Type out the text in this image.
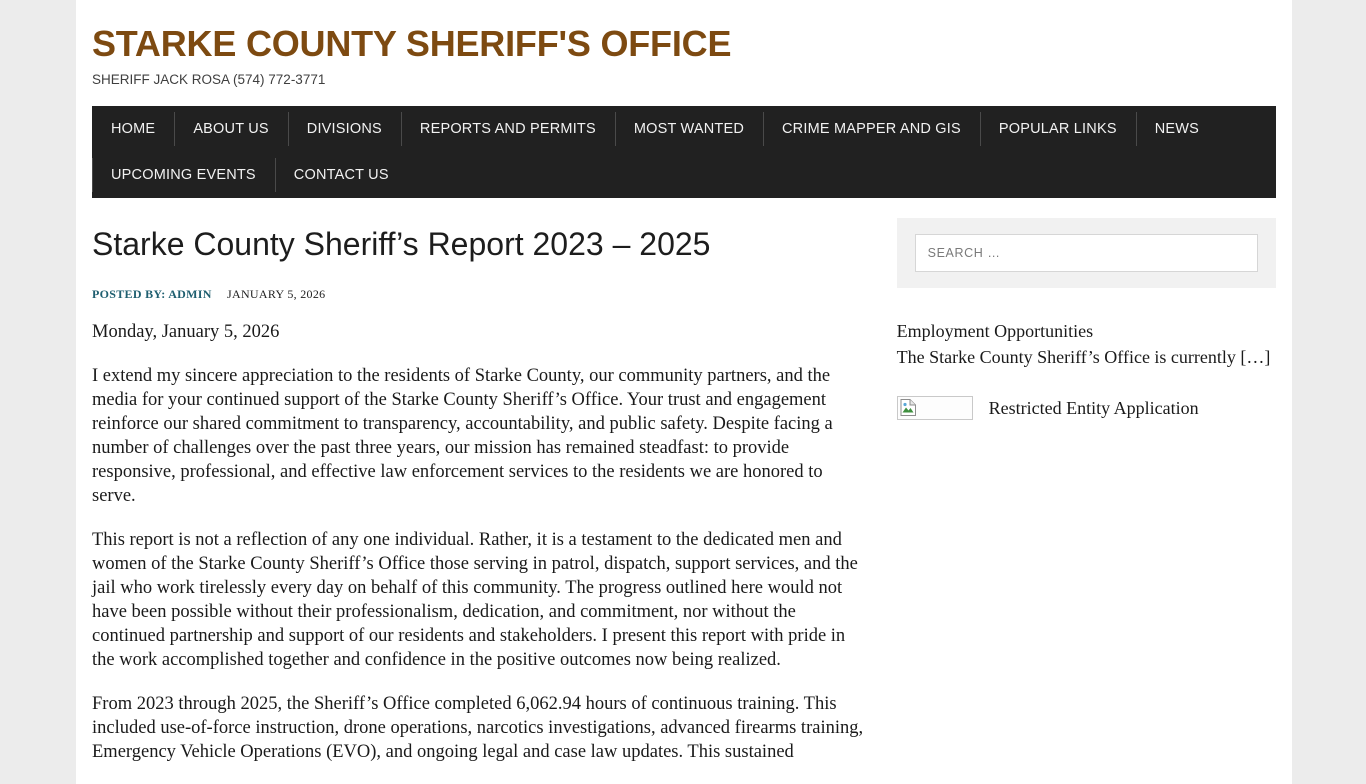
STARKE COUNTY SHERIFF'S OFFICE

SHERIFF JACK ROSA (574) 772-3771

HOME	ABOUT US	DIVISIONS	REPORTS AND PERMITS	MOST WANTED	CRIME MAPPER AND GIS	POPULAR LINKS	NEWS
UPCOMING EVENTS	CONTACT US
Starke County Sheriff’s Report 2023 – 2025
POSTED BY: ADMIN JANUARY 5, 2026

Monday, January 5, 2026

I extend my sincere appreciation to the residents of Starke County, our community partners, and the media for your continued support of the Starke County Sheriff’s Office. Your trust and engagement reinforce our shared commitment to transparency, accountability, and public safety. Despite facing a number of challenges over the past three years, our mission has remained steadfast: to provide responsive, professional, and effective law enforcement services to the residents we are honored to serve.

This report is not a reflection of any one individual. Rather, it is a testament to the dedicated men and women of the Starke County Sheriff’s Office those serving in patrol, dispatch, support services, and the jail who work tirelessly every day on behalf of this community. The progress outlined here would not have been possible without their professionalism, dedication, and commitment, nor without the continued partnership and support of our residents and stakeholders. I present this report with pride in the work accomplished together and confidence in the positive outcomes now being realized.

From 2023 through 2025, the Sheriff’s Office completed 6,062.94 hours of continuous training. This included use-of-force instruction, drone operations, narcotics investigations, advanced firearms training, Emergency Vehicle Operations (EVO), and ongoing legal and case law updates. This sustained

SEARCH …
Employment Opportunities
The Starke County Sheriff’s Office is currently […]
Restricted Entity Application
